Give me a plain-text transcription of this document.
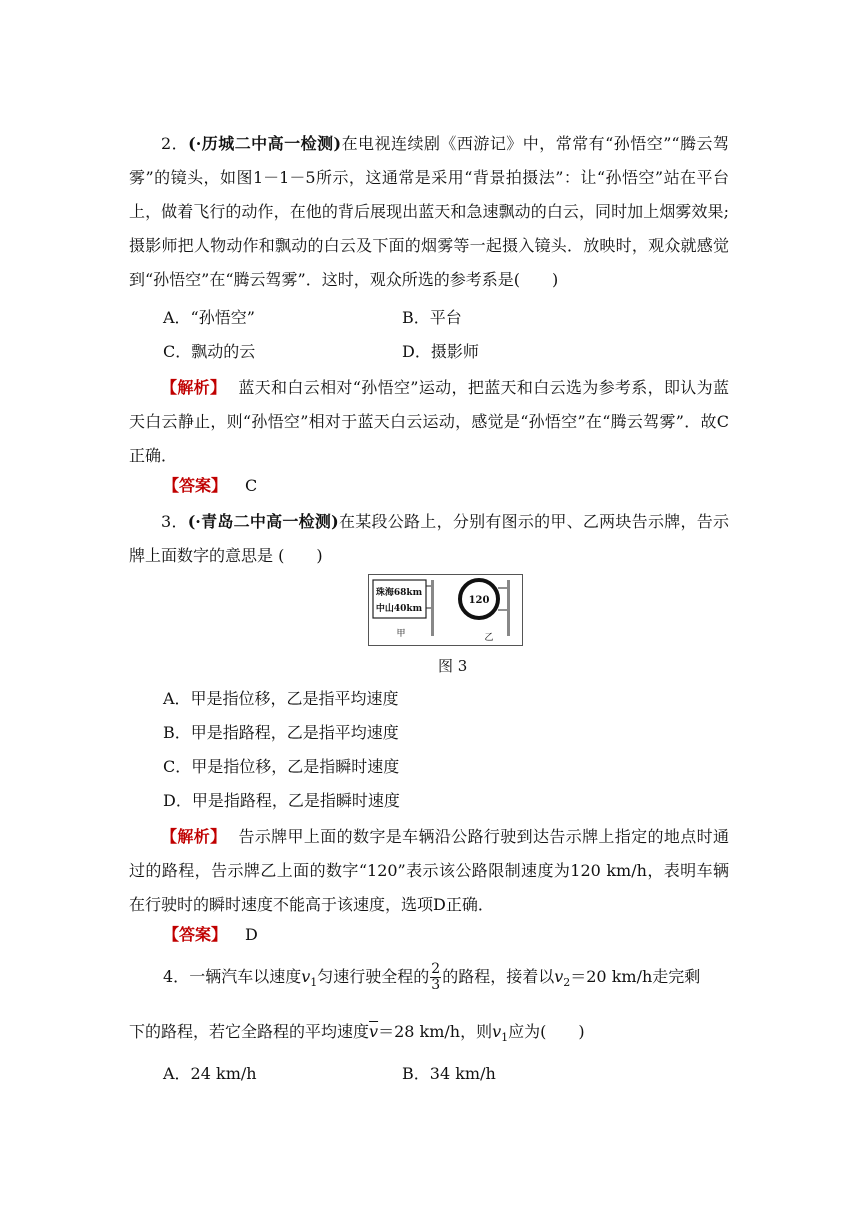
2．(·历城二中高一检测)在电视连续剧《西游记》中，常常有“孙悟空”“腾云驾雾”的镜头，如图1－1－5所示，这通常是采用“背景拍摄法”：让“孙悟空”站在平台上，做着飞行的动作，在他的背后展现出蓝天和急速飘动的白云，同时加上烟雾效果;摄影师把人物动作和飘动的白云及下面的烟雾等一起摄入镜头．放映时，观众就感觉到“孙悟空”在“腾云驾雾”．这时，观众所选的参考系是(　　)

A．“孙悟空”	B．平台
C．飘动的云	D．摄影师

【解析】 蓝天和白云相对“孙悟空”运动，把蓝天和白云选为参考系，即认为蓝天白云静止，则“孙悟空”相对于蓝天白云运动，感觉是“孙悟空”在“腾云驾雾”．故C正确．

【答案】 C

3．(·青岛二中高一检测)在某段公路上，分别有图示的甲、乙两块告示牌，告示牌上面数字的意思是 (　　)

珠海68km
中山40km
甲
120
乙
图 3
A．甲是指位移，乙是指平均速度
B．甲是指路程，乙是指平均速度
C．甲是指位移，乙是指瞬时速度
D．甲是指路程，乙是指瞬时速度

【解析】 告示牌甲上面的数字是车辆沿公路行驶到达告示牌上指定的地点时通过的路程，告示牌乙上面的数字“120”表示该公路限制速度为120 km/h，表明车辆在行驶时的瞬时速度不能高于该速度，选项D正确．

【答案】 D
4．一辆汽车以速度$v_1$匀速行驶全程的 $\frac{2}{3}$ 的路程，接着以$v_2=20$ km/h走完剩
下的路程，若它全路程的平均速度$\overline{v}=28$ km/h，则$v_1$应为(　　)
A．24 km/h	B．34 km/h
